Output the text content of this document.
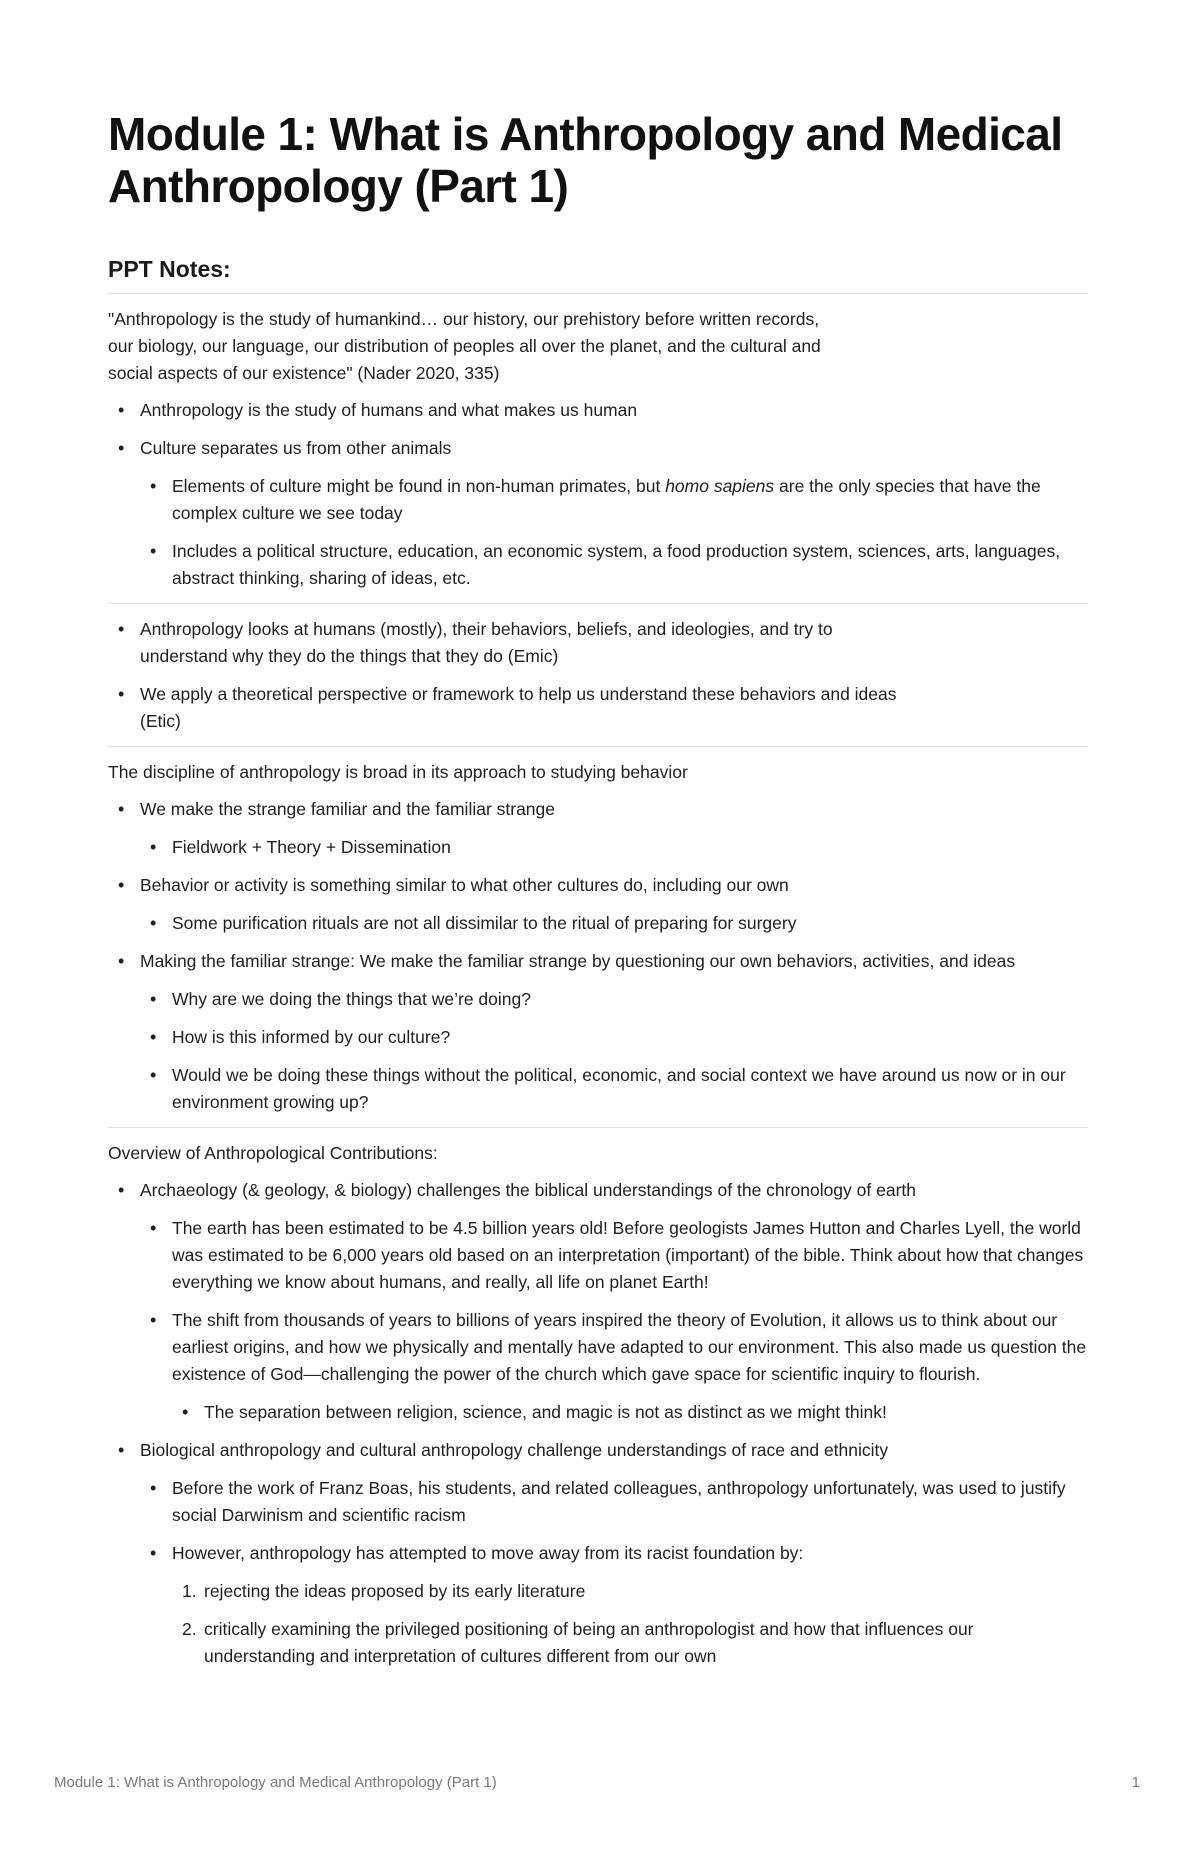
Module 1: What is Anthropology and Medical Anthropology (Part 1)
PPT Notes:

"Anthropology is the study of humankind… our history, our prehistory before written records, our biology, our language, our distribution of peoples all over the planet, and the cultural and social aspects of our existence" (Nader 2020, 335)

• Anthropology is the study of humans and what makes us human
• Culture separates us from other animals
• Elements of culture might be found in non-human primates, but homo sapiens are the only species that have the complex culture we see today
• Includes a political structure, education, an economic system, a food production system, sciences, arts, languages, abstract thinking, sharing of ideas, etc.
• Anthropology looks at humans (mostly), their behaviors, beliefs, and ideologies, and try to understand why they do the things that they do (Emic)
• We apply a theoretical perspective or framework to help us understand these behaviors and ideas (Etic)

The discipline of anthropology is broad in its approach to studying behavior

• We make the strange familiar and the familiar strange
• Fieldwork + Theory + Dissemination
• Behavior or activity is something similar to what other cultures do, including our own
• Some purification rituals are not all dissimilar to the ritual of preparing for surgery
• Making the familiar strange: We make the familiar strange by questioning our own behaviors, activities, and ideas
• Why are we doing the things that we’re doing?
• How is this informed by our culture?
• Would we be doing these things without the political, economic, and social context we have around us now or in our environment growing up?

Overview of Anthropological Contributions:

• Archaeology (& geology, & biology) challenges the biblical understandings of the chronology of earth
• The earth has been estimated to be 4.5 billion years old! Before geologists James Hutton and Charles Lyell, the world was estimated to be 6,000 years old based on an interpretation (important) of the bible. Think about how that changes everything we know about humans, and really, all life on planet Earth!
• The shift from thousands of years to billions of years inspired the theory of Evolution, it allows us to think about our earliest origins, and how we physically and mentally have adapted to our environment. This also made us question the existence of God—challenging the power of the church which gave space for scientific inquiry to flourish.
• The separation between religion, science, and magic is not as distinct as we might think!
• Biological anthropology and cultural anthropology challenge understandings of race and ethnicity
• Before the work of Franz Boas, his students, and related colleagues, anthropology unfortunately, was used to justify social Darwinism and scientific racism
• However, anthropology has attempted to move away from its racist foundation by:
1. rejecting the ideas proposed by its early literature
2. critically examining the privileged positioning of being an anthropologist and how that influences our understanding and interpretation of cultures different from our own
Module 1: What is Anthropology and Medical Anthropology (Part 1)	1
